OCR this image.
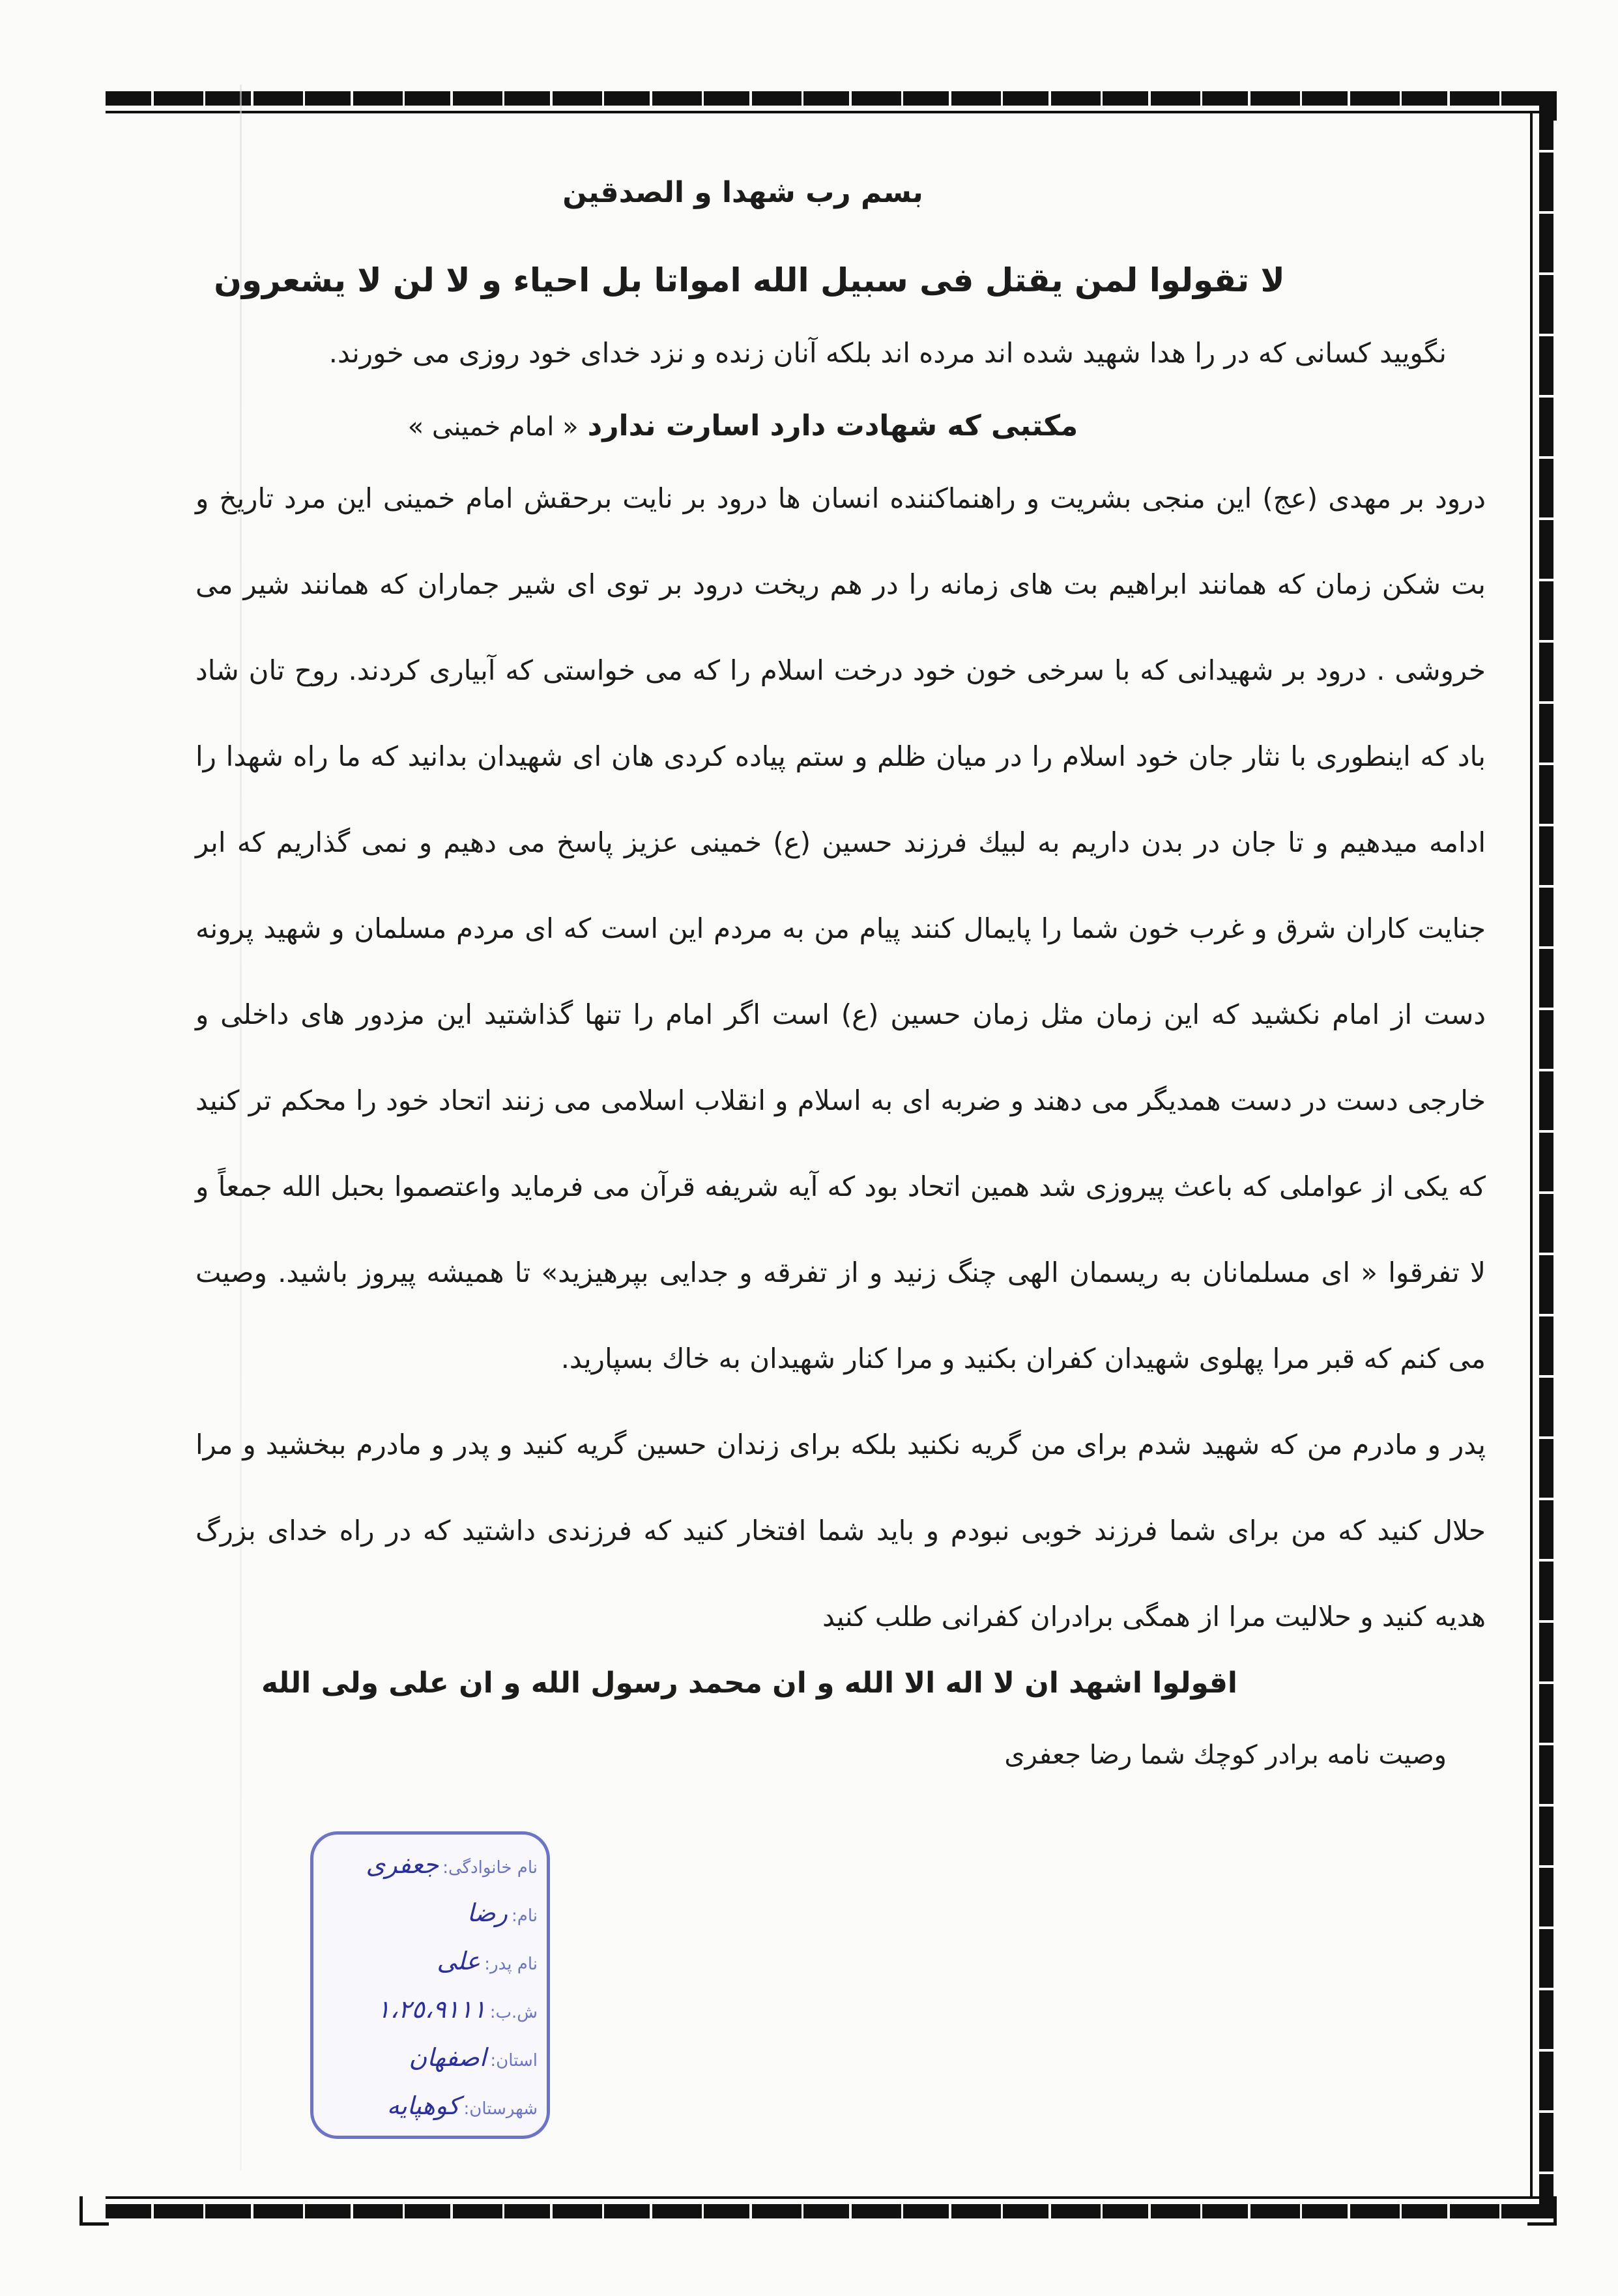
بسم رب شهدا و الصدقين
لا تقولوا لمن يقتل فى سبيل الله امواتا بل احياء و لا لن لا يشعرون
نگوييد كسانى كه در را هدا شهيد شده اند مرده اند بلكه آنان زنده و نزد خداى خود روزى مى خورند.
مكتبى كه شهادت دارد اسارت ندارد « امام خمينى »

درود بر مهدى (عج) اين منجى بشريت و راهنماكننده انسان ها درود بر نايت برحقش امام خمينى اين مرد تاريخ و بت شكن زمان كه همانند ابراهيم بت هاى زمانه را در هم ريخت درود بر توى اى شير جماران كه همانند شير مى خروشى . درود بر شهيدانى كه با سرخى خون خود درخت اسلام را كه مى خواستى كه آبيارى كردند. روح تان شاد باد كه اينطورى با نثار جان خود اسلام را در ميان ظلم و ستم پياده كردى هان اى شهيدان بدانيد كه ما راه شهدا را ادامه ميدهيم و تا جان در بدن داريم به لبيك فرزند حسين (ع) خمينى عزيز پاسخ مى دهيم و نمى گذاريم كه ابر جنايت كاران شرق و غرب خون شما را پايمال كنند پيام من به مردم اين است كه اى مردم مسلمان و شهيد پرونه دست از امام نكشيد كه اين زمان مثل زمان حسين (ع) است اگر امام را تنها گذاشتيد اين مزدور هاى داخلى و خارجى دست در دست همديگر مى دهند و ضربه اى به اسلام و انقلاب اسلامى مى زنند اتحاد خود را محكم تر كنيد كه يكى از عواملى كه باعث پيروزى شد همين اتحاد بود كه آيه شريفه قرآن مى فرمايد واعتصموا بحبل الله جمعاً و لا تفرقوا « اى مسلمانان به ريسمان الهى چنگ زنيد و از تفرقه و جدايى بپرهيزيد» تا هميشه پيروز باشيد. وصيت مى كنم كه قبر مرا پهلوى شهيدان كفران بكنيد و مرا كنار شهيدان به خاك بسپاريد.

پدر و مادرم من كه شهيد شدم براى من گريه نكنيد بلكه براى زندان حسين گريه كنيد و پدر و مادرم ببخشيد و مرا حلال كنيد كه من براى شما فرزند خوبى نبودم و بايد شما افتخار كنيد كه فرزندى داشتيد كه در راه خداى بزرگ هديه كنيد و حلاليت مرا از همگى برادران كفرانى طلب كنيد

اقولوا اشهد ان لا اله الا الله و ان محمد رسول الله و ان على ولى الله
وصيت نامه برادر كوچك شما رضا جعفرى
نام خانوادگى:
جعفرى
نام:
رضا
نام پدر:
على
ش.ب:
١،٢٥،٩١١١
استان:
اصفهان
شهرستان:
كوهپايه
